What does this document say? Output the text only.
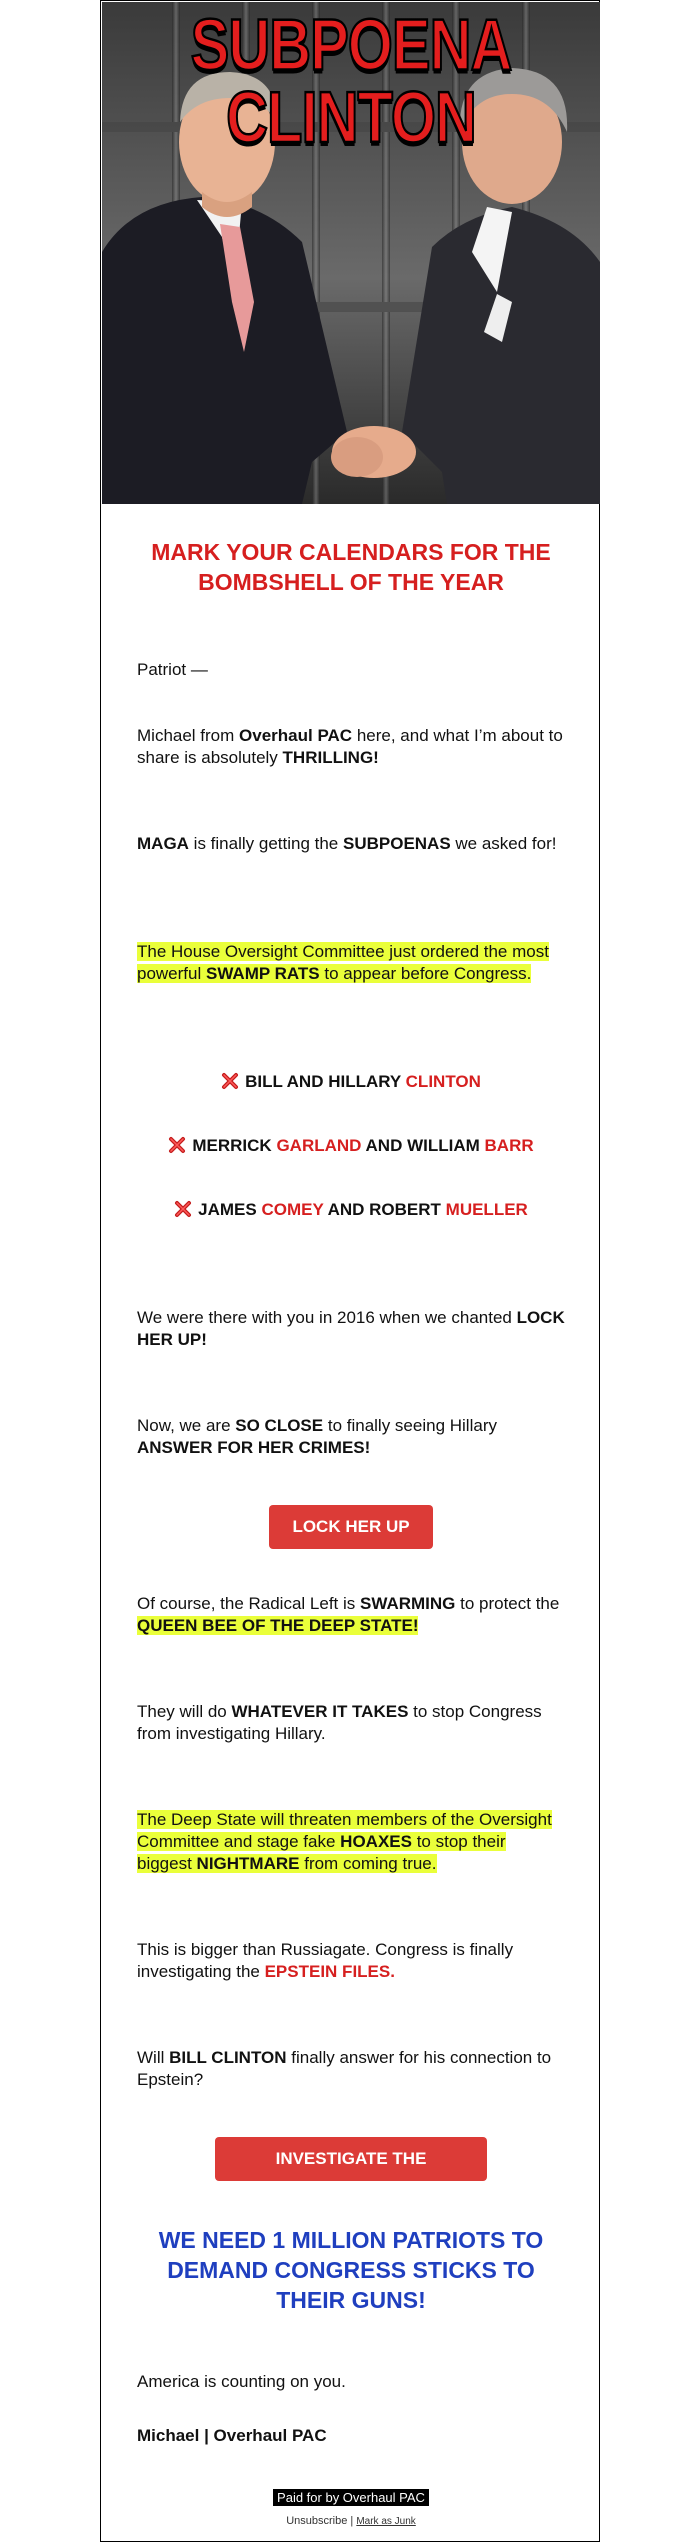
SUBPOENA CLINTON

MARK YOUR CALENDARS FOR THE BOMBSHELL OF THE YEAR

Patriot —

Michael from Overhaul PAC here, and what I’m about to share is absolutely THRILLING!

MAGA is finally getting the SUBPOENAS we asked for!

The House Oversight Committee just ordered the most powerful SWAMP RATS to appear before Congress.

BILL AND HILLARY CLINTON

MERRICK GARLAND AND WILLIAM BARR

JAMES COMEY AND ROBERT MUELLER

We were there with you in 2016 when we chanted LOCK HER UP!

Now, we are SO CLOSE to finally seeing Hillary ANSWER FOR HER CRIMES!

LOCK HER UP

Of course, the Radical Left is SWARMING to protect the QUEEN BEE OF THE DEEP STATE!

They will do WHATEVER IT TAKES to stop Congress from investigating Hillary.

The Deep State will threaten members of the Oversight Committee and stage fake HOAXES to stop their biggest NIGHTMARE from coming true.

This is bigger than Russiagate. Congress is finally investigating the EPSTEIN FILES.

Will BILL CLINTON finally answer for his connection to Epstein?

INVESTIGATE THE CLINTONS

WE NEED 1 MILLION PATRIOTS TO DEMAND CONGRESS STICKS TO THEIR GUNS!

America is counting on you.

Michael | Overhaul PAC

Paid for by Overhaul PAC
Unsubscribe | Mark as Junk
